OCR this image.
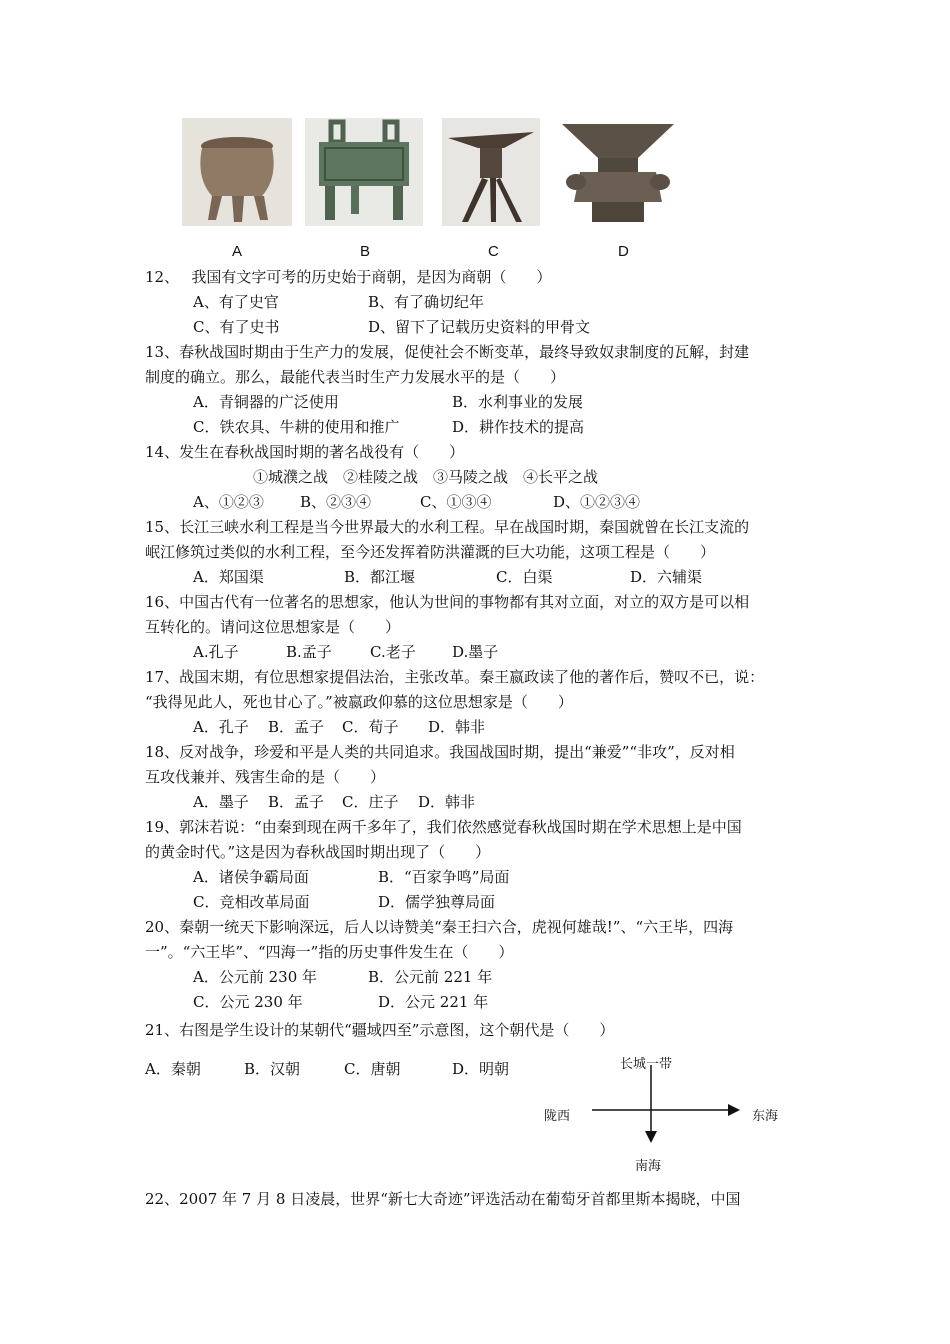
A	B	C	D
12、　 我国有文字可考的历史始于商朝，是因为商朝（　　）
A、有了史官	B、有了确切纪年
C、有了史书	D、留下了记载历史资料的甲骨文
13、春秋战国时期由于生产力的发展，促使社会不断变革，最终导致奴隶制度的瓦解，封建
制度的确立。那么，最能代表当时生产力发展水平的是（　　）
A．青铜器的广泛使用	B．水利事业的发展
C．铁农具、牛耕的使用和推广	D．耕作技术的提高
14、发生在春秋战国时期的著名战役有（　　）
①城濮之战　②桂陵之战　③马陵之战　④长平之战
A、①②③ B、②③④	C、①③④	D、①②③④
15、长江三峡水利工程是当今世界最大的水利工程。早在战国时期，秦国就曾在长江支流的
岷江修筑过类似的水利工程，至今还发挥着防洪灌溉的巨大功能，这项工程是（　　）
A．郑国渠	B．都江堰	C．白渠	D．六辅渠
16、中国古代有一位著名的思想家，他认为世间的事物都有其对立面，对立的双方是可以相
互转化的。请问这位思想家是（　　）
A.孔子	B.孟子	C.老子 D.墨子
17、战国末期，有位思想家提倡法治，主张改革。秦王嬴政读了他的著作后，赞叹不已，说：
“我得见此人，死也甘心了。”被嬴政仰慕的这位思想家是（　　）
A．孔子 B．孟子 C．荀子 D．韩非
18、反对战争，珍爱和平是人类的共同追求。我国战国时期，提出“兼爱”“非攻”，反对相
互攻伐兼并、残害生命的是（　　）
A．墨子 B．孟子 C．庄子 D．韩非
19、郭沫若说：“由秦到现在两千多年了，我们依然感觉春秋战国时期在学术思想上是中国
的黄金时代。”这是因为春秋战国时期出现了（　　）
A．诸侯争霸局面	B．“百家争鸣”局面
C．竞相改革局面	D．儒学独尊局面
20、秦朝一统天下影响深远，后人以诗赞美“秦王扫六合，虎视何雄哉!”、“六王毕，四海
一”。“六王毕”、“四海一”指的历史事件发生在（　　）
A．公元前 230 年	B．公元前 221 年
C．公元 230 年	D．公元 221 年
21、右图是学生设计的某朝代“疆域四至”示意图，这个朝代是（　　）
A．秦朝	B．汉朝	C．唐朝	D．明朝	长城一带
陇西	东海
南海
22、2007 年 7 月 8 日凌晨，世界“新七大奇迹”评选活动在葡萄牙首都里斯本揭晓，中国
